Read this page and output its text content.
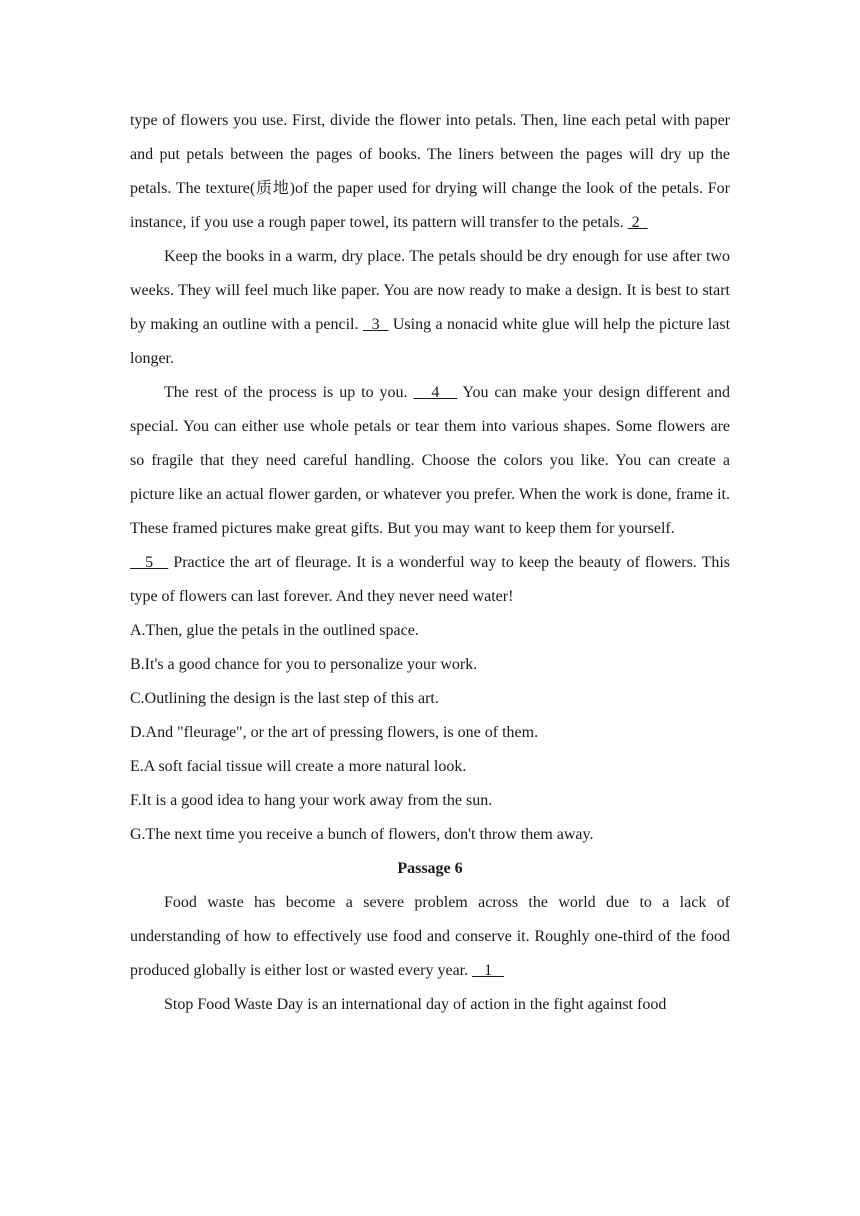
type of flowers you use. First, divide the flower into petals. Then, line each petal with paper and put petals between the pages of books. The liners between the pages will dry up the petals. The texture(质地)of the paper used for drying will change the look of the petals. For instance, if you use a rough paper towel, its pattern will transfer to the petals.  2

Keep the books in a warm, dry place. The petals should be dry enough for use after two weeks. They will feel much like paper. You are now ready to make a design. It is best to start by making an outline with a pencil.   3   Using a nonacid white glue will help the picture last longer.

The rest of the process is up to you.    4    You can make your design different and special. You can either use whole petals or tear them into various shapes. Some flowers are so fragile that they need careful handling. Choose the colors you like. You can create a picture like an actual flower garden, or whatever you prefer. When the work is done, frame it. These framed pictures make great gifts. But you may want to keep them for yourself.

5    Practice the art of fleurage. It is a wonderful way to keep the beauty of flowers. This type of flowers can last forever. And they never need water!

A.Then, glue the petals in the outlined space.

B.It's a good chance for you to personalize your work.

C.Outlining the design is the last step of this art.

D.And "fleurage", or the art of pressing flowers, is one of them.

E.A soft facial tissue will create a more natural look.

F.It is a good idea to hang your work away from the sun.

G.The next time you receive a bunch of flowers, don't throw them away.

Passage 6

Food waste has become a severe problem across the world due to a lack of understanding of how to effectively use food and conserve it. Roughly one-third of the food produced globally is either lost or wasted every year.    1

Stop Food Waste Day is an international day of action in the fight against food
